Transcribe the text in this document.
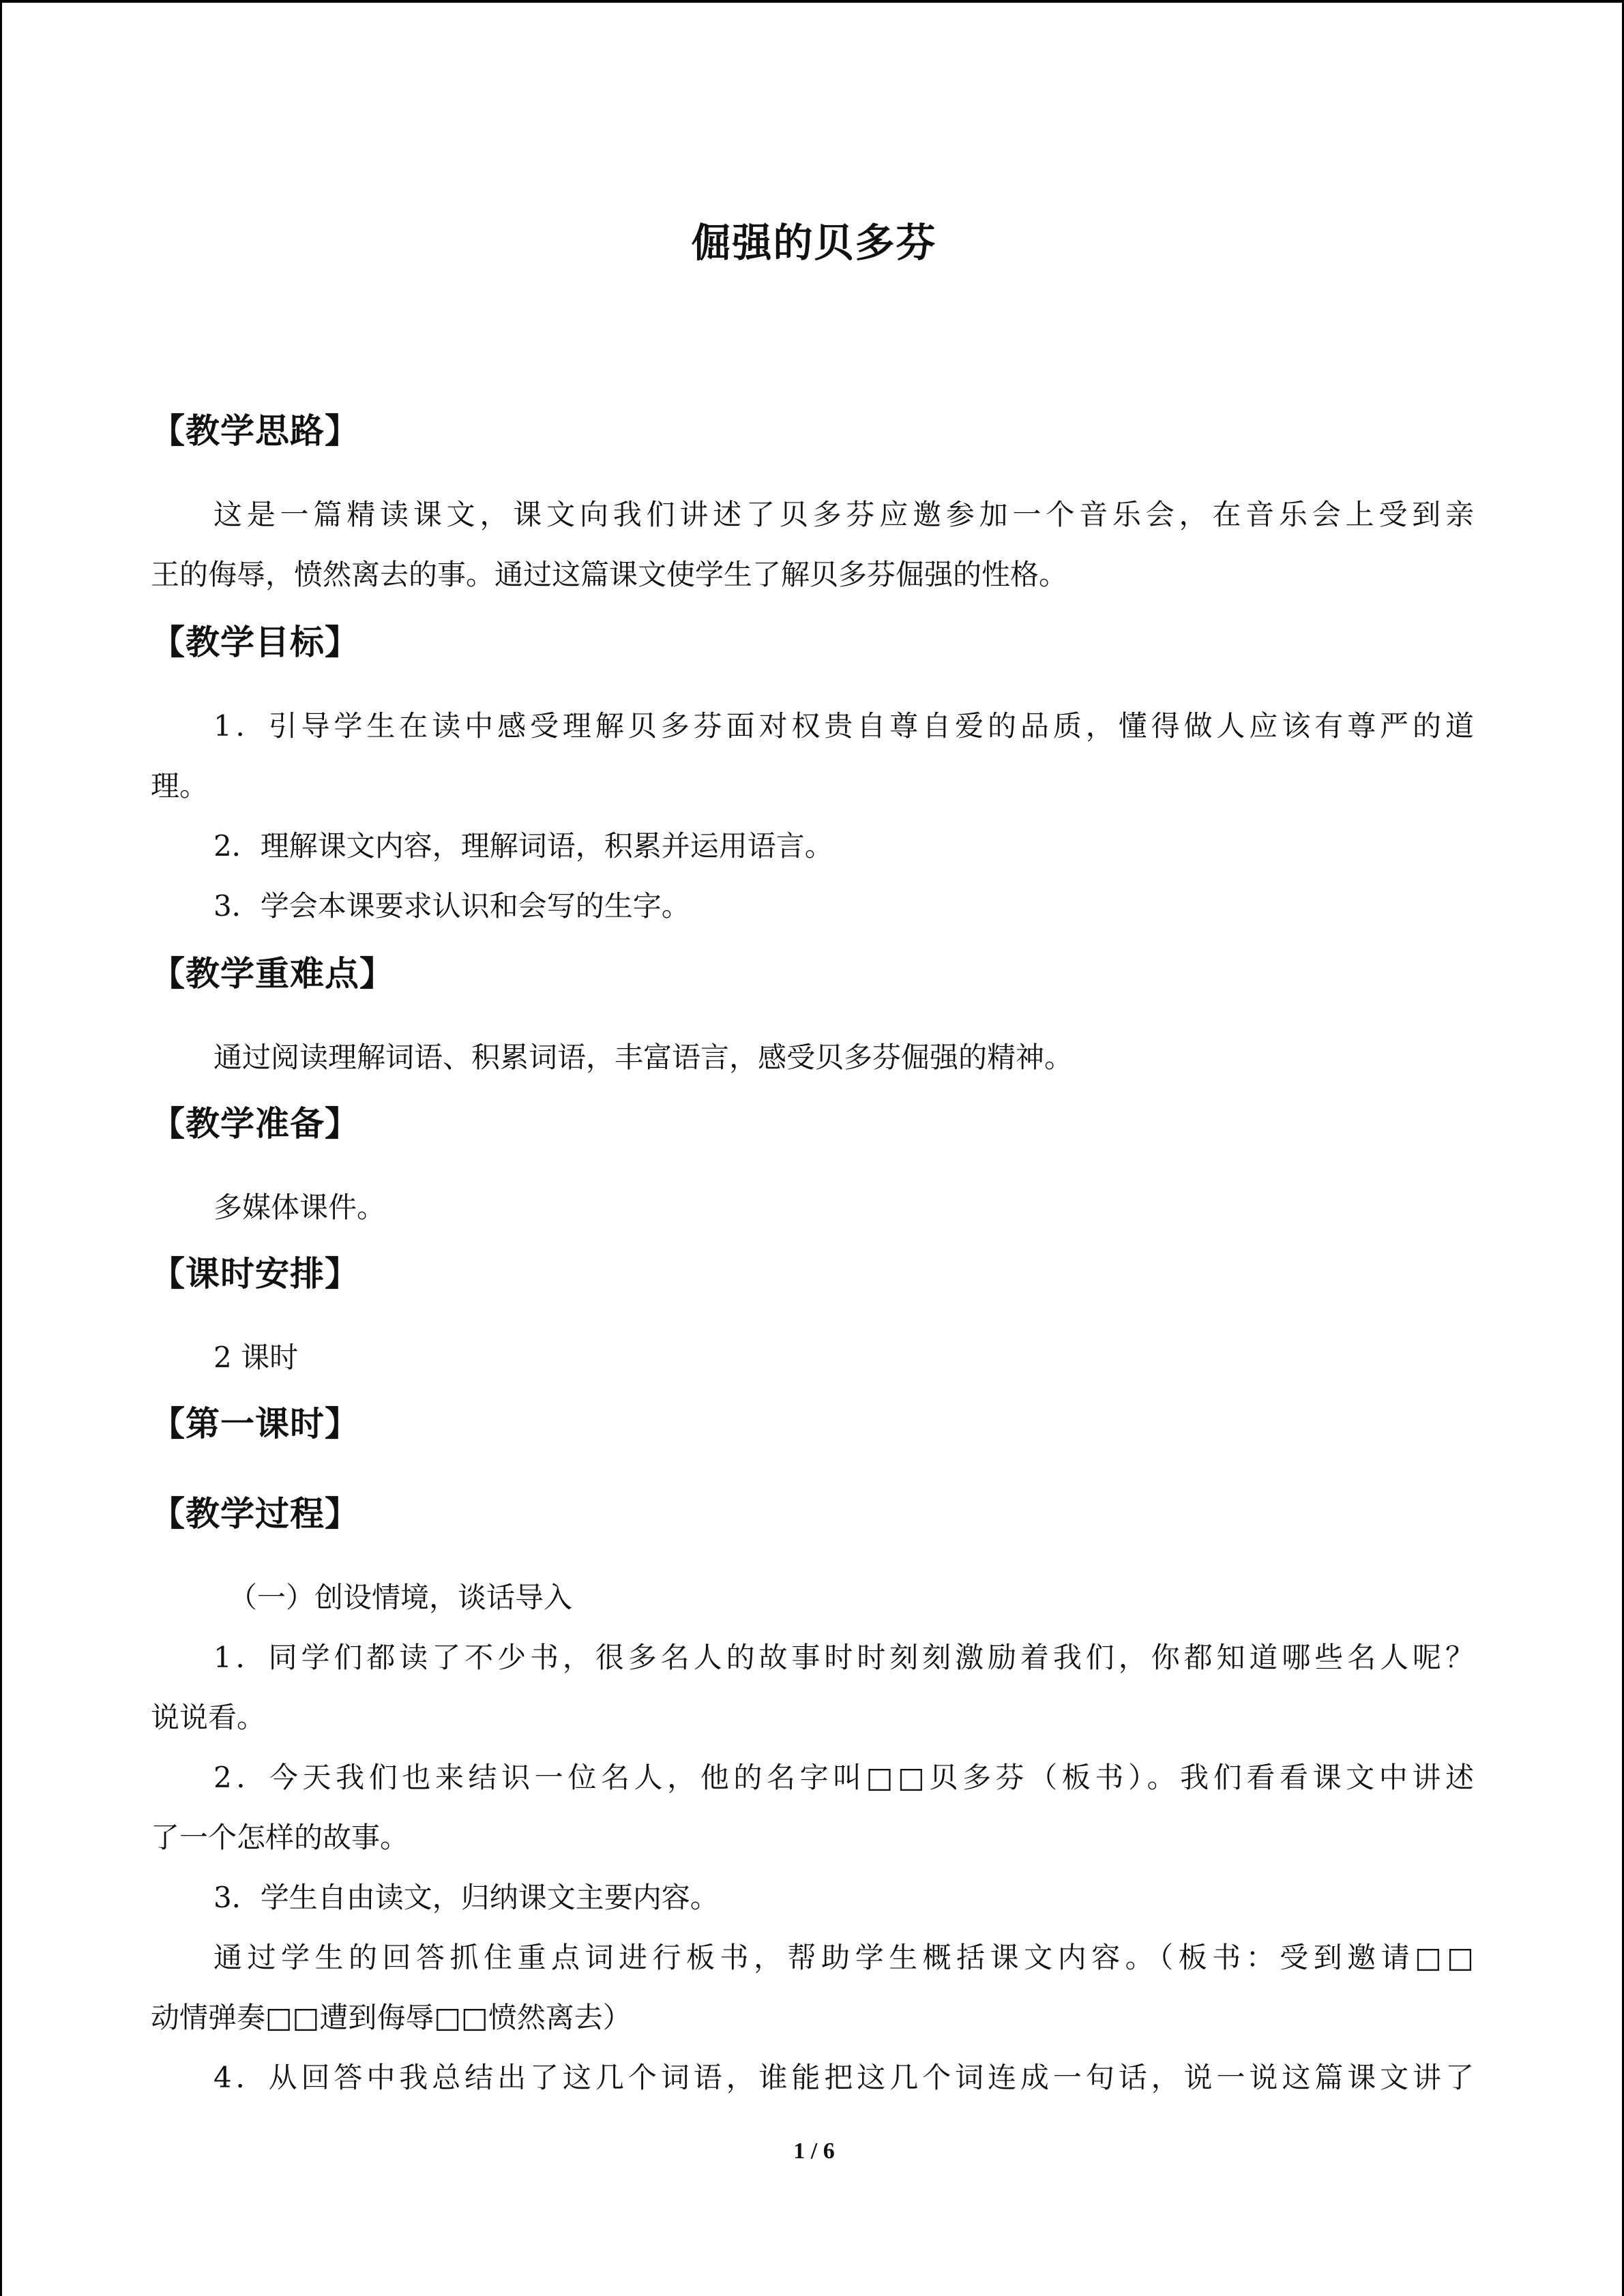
倔强的贝多芬
【教学思路】
这是一篇精读课文，课文向我们讲述了贝多芬应邀参加一个音乐会，在音乐会上受到亲
王的侮辱，愤然离去的事。通过这篇课文使学生了解贝多芬倔强的性格。
【教学目标】
1．引导学生在读中感受理解贝多芬面对权贵自尊自爱的品质，懂得做人应该有尊严的道
理。
2．理解课文内容，理解词语，积累并运用语言。
3．学会本课要求认识和会写的生字。
【教学重难点】
通过阅读理解词语、积累词语，丰富语言，感受贝多芬倔强的精神。
【教学准备】
多媒体课件。
【课时安排】
2 课时
【第一课时】
【教学过程】
（一）创设情境，谈话导入
1．同学们都读了不少书，很多名人的故事时时刻刻激励着我们，你都知道哪些名人呢？
说说看。
2．今天我们也来结识一位名人，他的名字叫□□贝多芬（板书）。我们看看课文中讲述
了一个怎样的故事。
3．学生自由读文，归纳课文主要内容。
通过学生的回答抓住重点词进行板书，帮助学生概括课文内容。（板书：受到邀请□□
动情弹奏□□遭到侮辱□□愤然离去）
4．从回答中我总结出了这几个词语，谁能把这几个词连成一句话，说一说这篇课文讲了
1 / 6
